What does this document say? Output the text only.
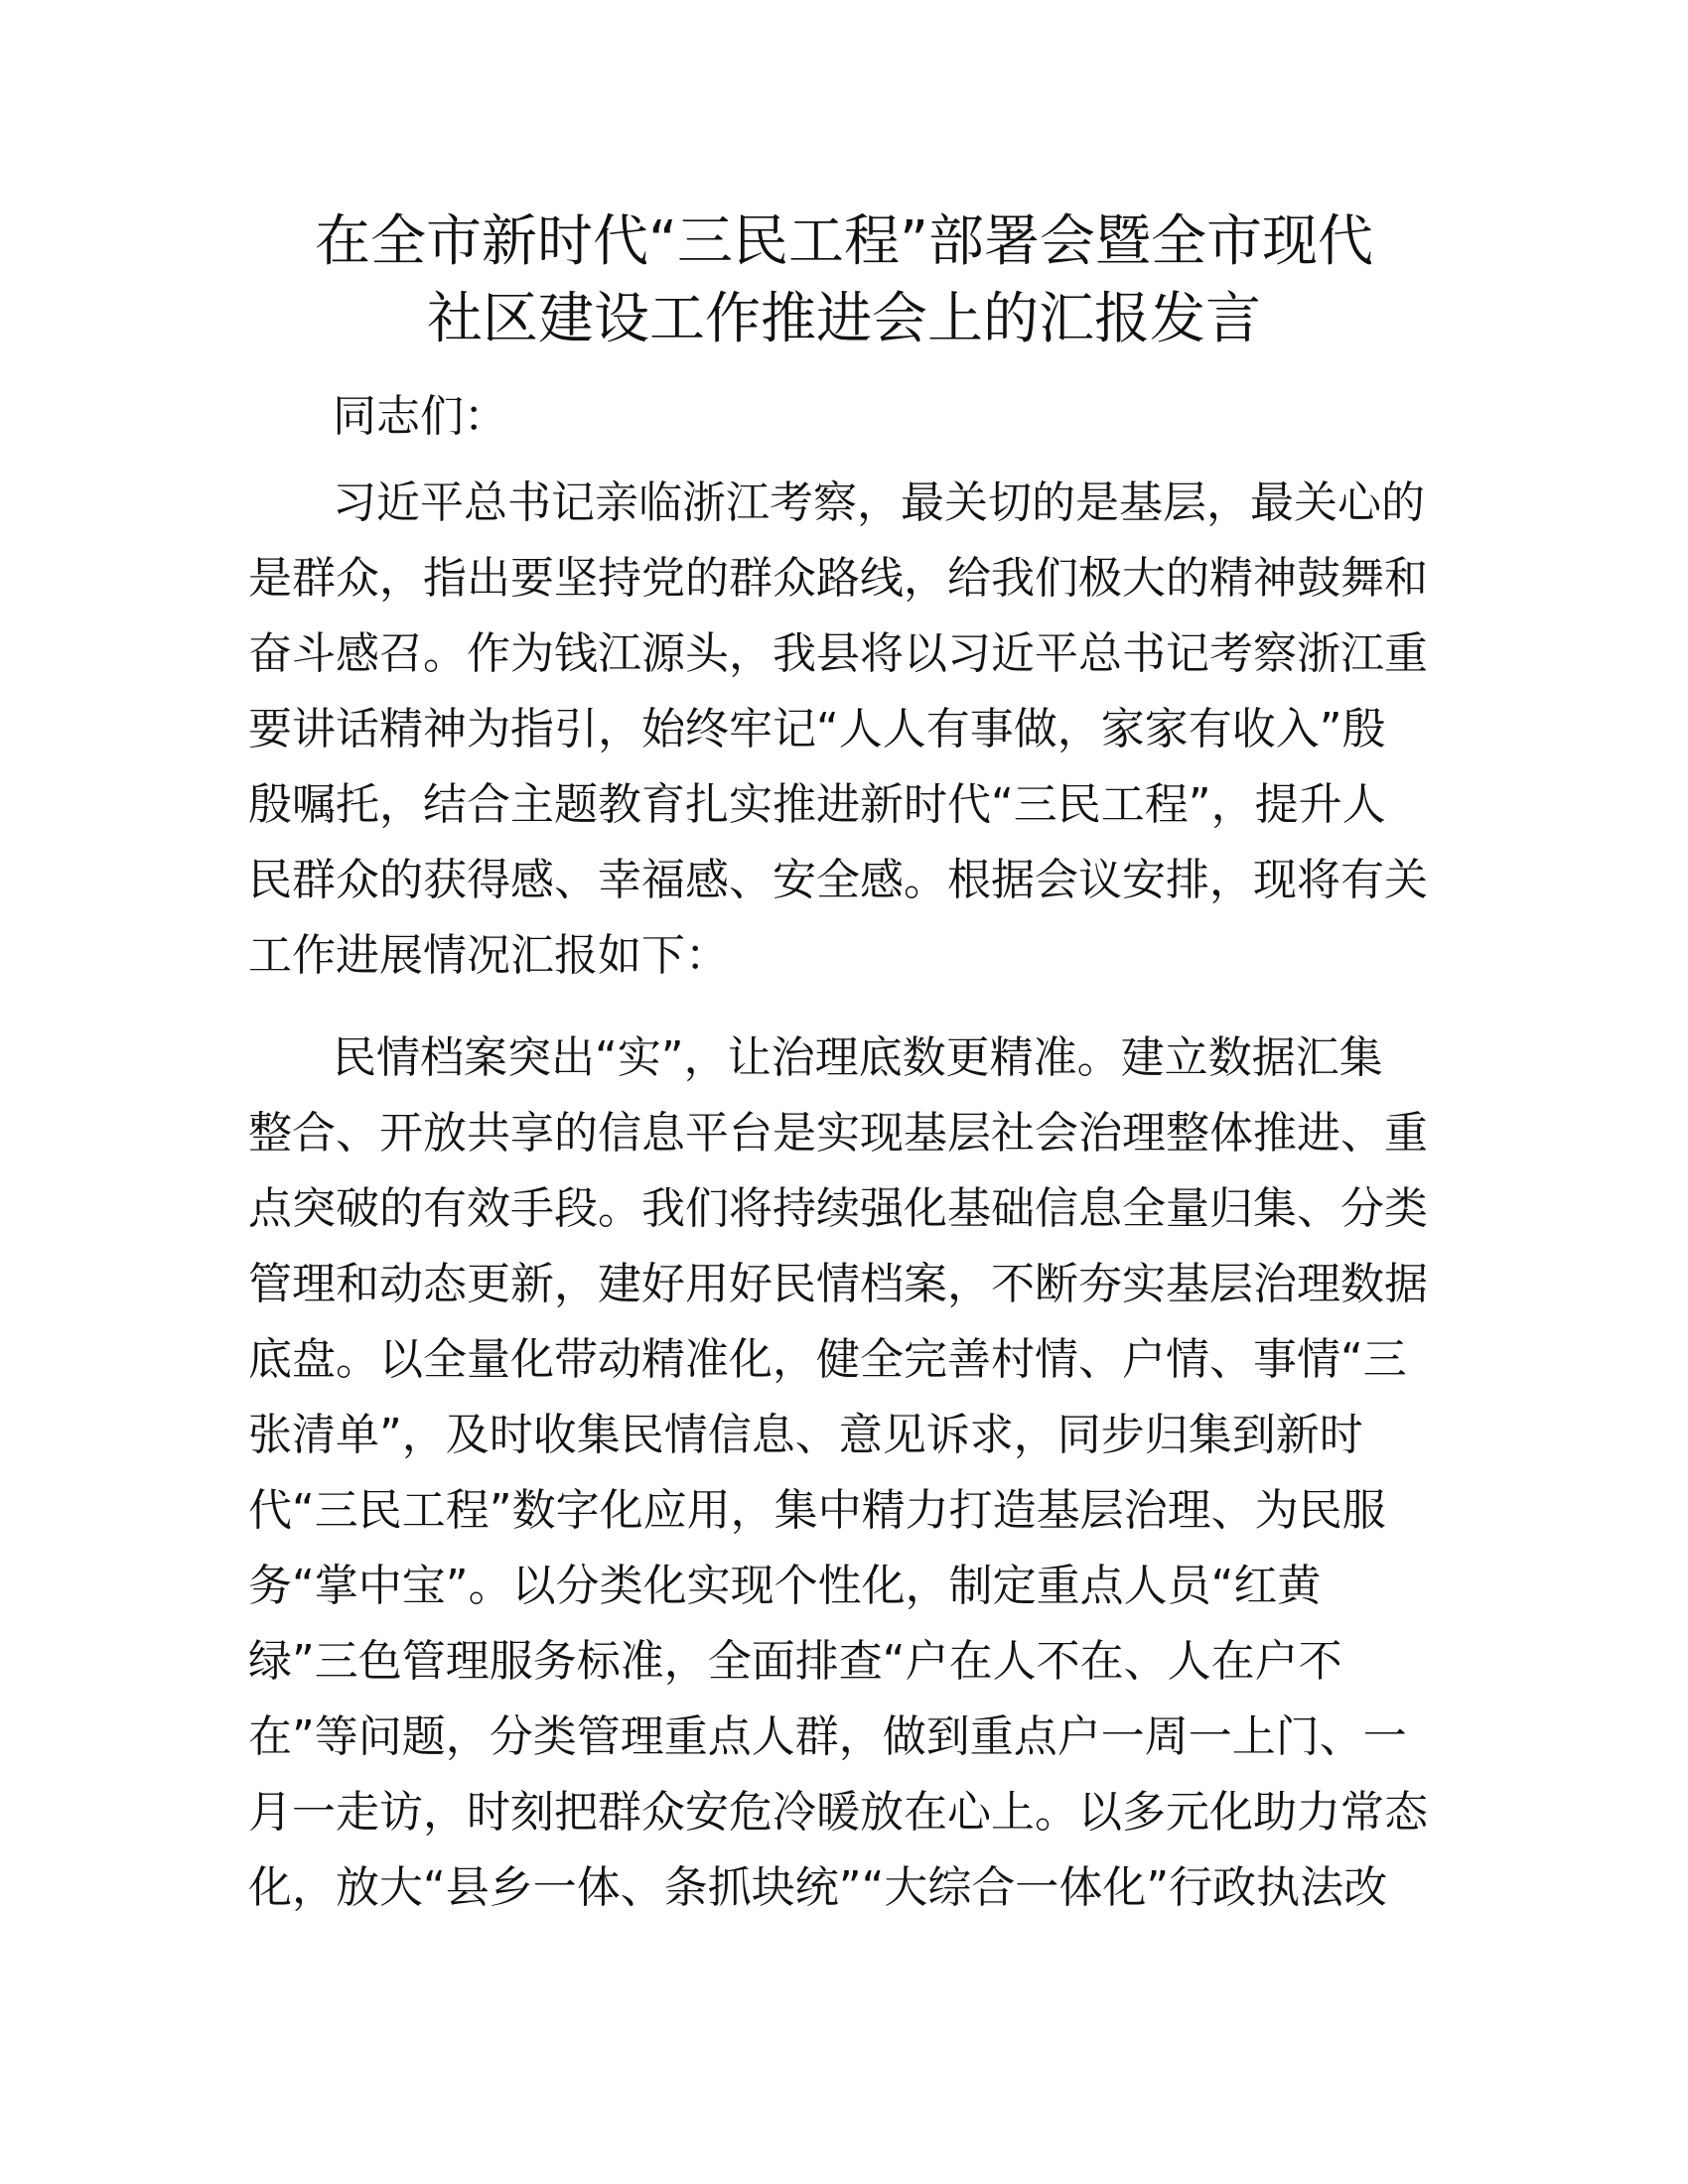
在全市新时代“三民工程”部署会暨全市现代
社区建设工作推进会上的汇报发言
同志们：
习近平总书记亲临浙江考察，最关切的是基层，最关心的
是群众，指出要坚持党的群众路线，给我们极大的精神鼓舞和
奋斗感召。作为钱江源头，我县将以习近平总书记考察浙江重
要讲话精神为指引，始终牢记“人人有事做，家家有收入”殷
殷嘱托，结合主题教育扎实推进新时代“三民工程”，提升人
民群众的获得感、幸福感、安全感。根据会议安排，现将有关
工作进展情况汇报如下：
民情档案突出“实”，让治理底数更精准。建立数据汇集
整合、开放共享的信息平台是实现基层社会治理整体推进、重
点突破的有效手段。我们将持续强化基础信息全量归集、分类
管理和动态更新，建好用好民情档案，不断夯实基层治理数据
底盘。以全量化带动精准化，健全完善村情、户情、事情“三
张清单”，及时收集民情信息、意见诉求，同步归集到新时
代“三民工程”数字化应用，集中精力打造基层治理、为民服
务“掌中宝”。以分类化实现个性化，制定重点人员“红黄
绿”三色管理服务标准，全面排查“户在人不在、人在户不
在”等问题，分类管理重点人群，做到重点户一周一上门、一
月一走访，时刻把群众安危冷暖放在心上。以多元化助力常态
化，放大“县乡一体、条抓块统”“大综合一体化”行政执法改
